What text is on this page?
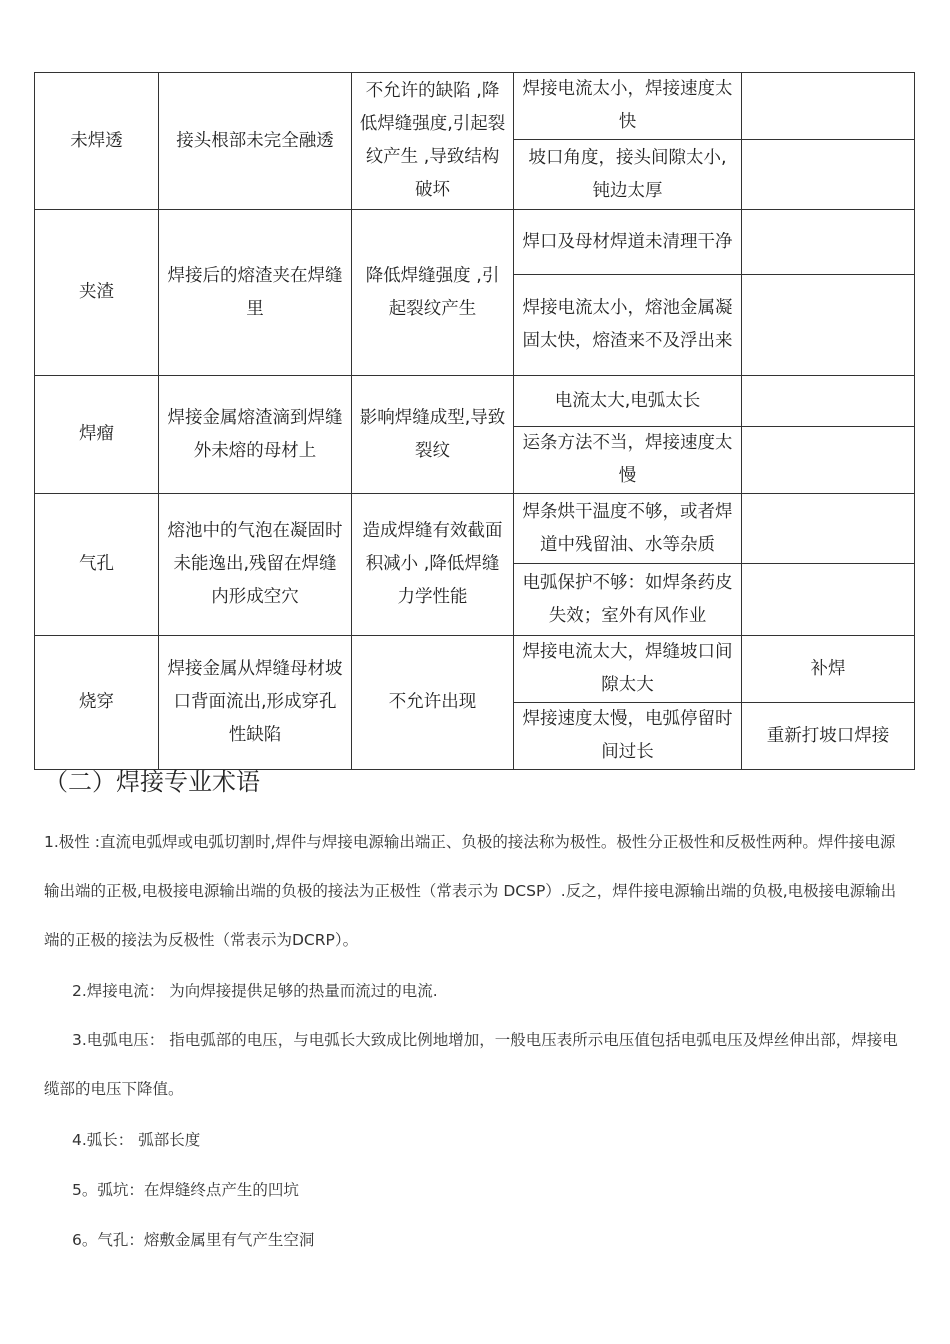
未焊透	接头根部未完全融透	不允许的缺陷 ,降低焊缝强度,引起裂纹产生 ,导致结构破坏	焊接电流太小，焊接速度太快	
			坡口角度，接头间隙太小,钝边太厚	
夹渣	焊接后的熔渣夹在焊缝里	降低焊缝强度 ,引起裂纹产生	焊口及母材焊道未清理干净	
			焊接电流太小，熔池金属凝固太快，熔渣来不及浮出来	
焊瘤	焊接金属熔渣滴到焊缝外未熔的母材上	影响焊缝成型,导致裂纹	电流太大,电弧太长	
			运条方法不当，焊接速度太慢	
气孔	熔池中的气泡在凝固时未能逸出,残留在焊缝内形成空穴	造成焊缝有效截面积减小 ,降低焊缝力学性能	焊条烘干温度不够，或者焊道中残留油、水等杂质	
			电弧保护不够：如焊条药皮失效；室外有风作业	
烧穿	焊接金属从焊缝母材坡口背面流出,形成穿孔性缺陷	不允许出现	焊接电流太大，焊缝坡口间隙太大	补焊
			焊接速度太慢，电弧停留时间过长	重新打坡口焊接
（二）焊接专业术语
1.极性 :直流电弧焊或电弧切割时,焊件与焊接电源输出端正、负极的接法称为极性。极性分正极性和反极性两种。焊件接电源输出端的正极,电极接电源输出端的负极的接法为正极性（常表示为 DCSP）.反之，焊件接电源输出端的负极,电极接电源输出端的正极的接法为反极性（常表示为DCRP）。
2.焊接电流： 为向焊接提供足够的热量而流过的电流.
3.电弧电压： 指电弧部的电压，与电弧长大致成比例地增加，一般电压表所示电压值包括电弧电压及焊丝伸出部，焊接电缆部的电压下降值。
4.弧长： 弧部长度
5。弧坑：在焊缝终点产生的凹坑
6。气孔：熔敷金属里有气产生空洞
